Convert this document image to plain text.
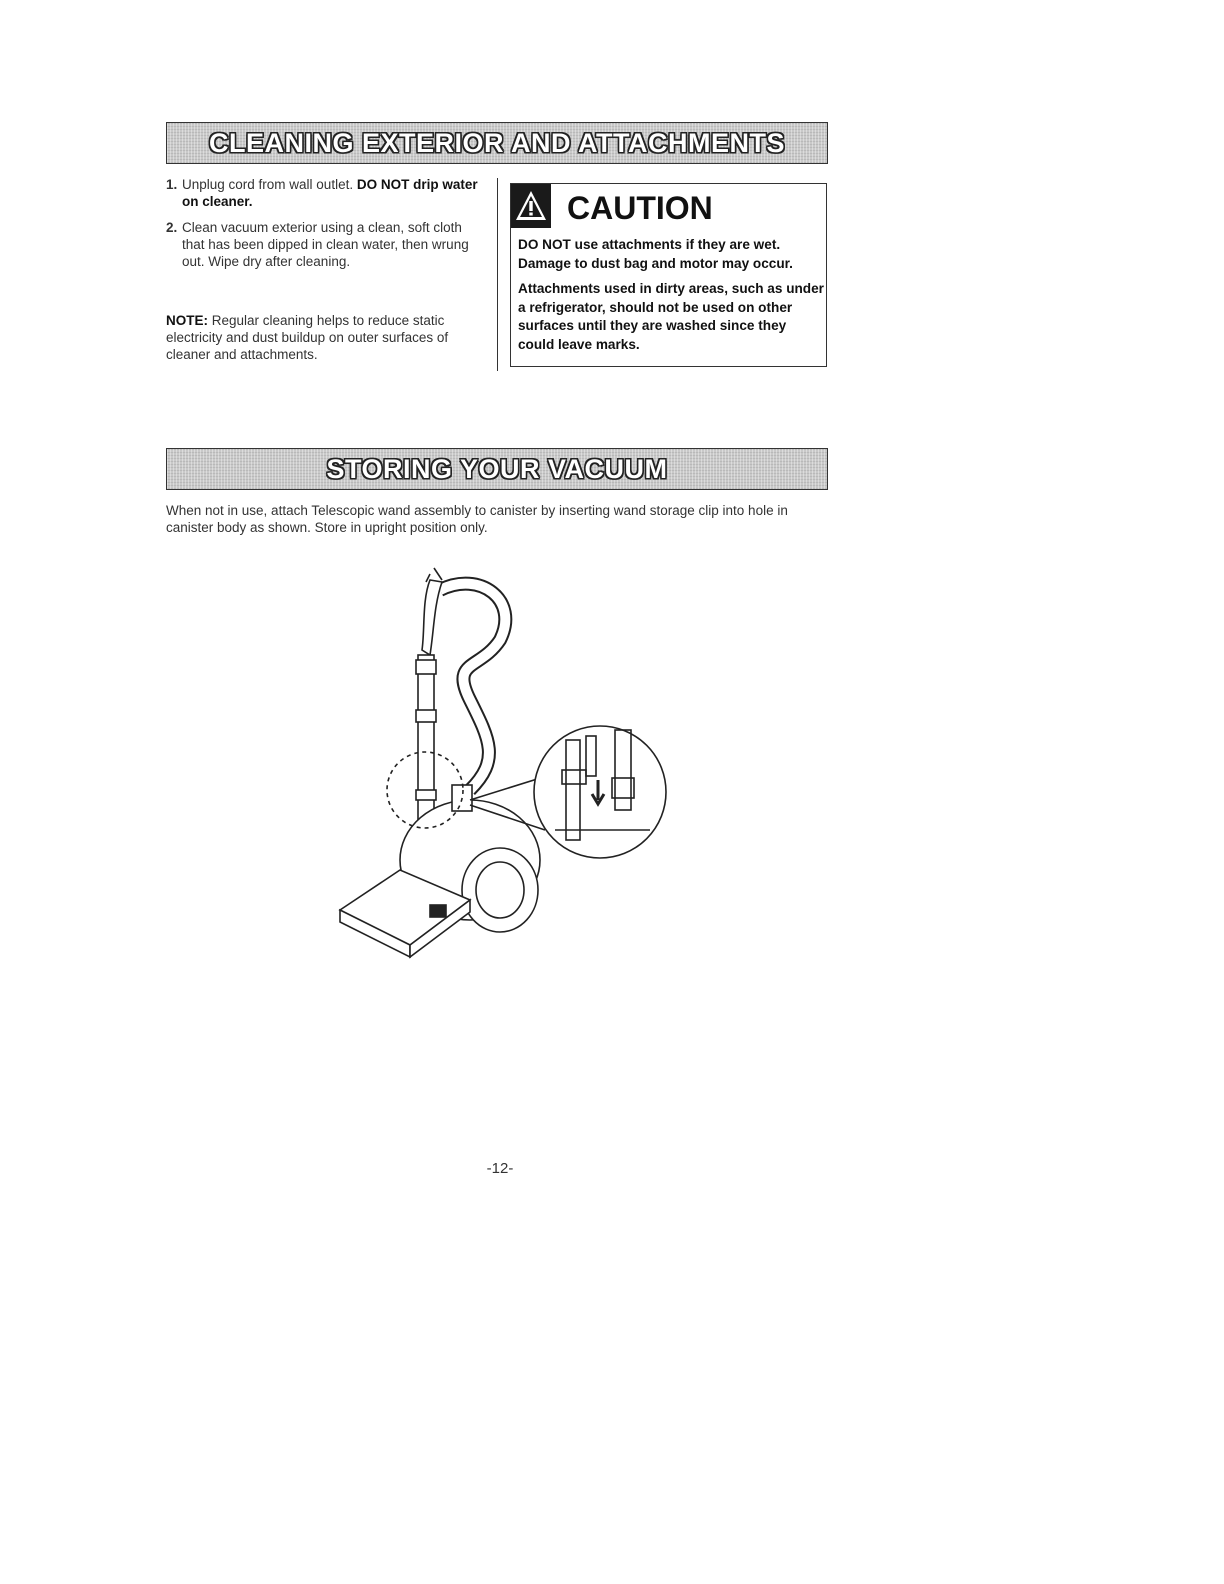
CLEANING EXTERIOR AND ATTACHMENTS
1. Unplug cord from wall outlet. DO NOT drip water on cleaner.
2. Clean vacuum exterior using a clean, soft cloth that has been dipped in clean water, then wrung out. Wipe dry after cleaning.
NOTE: Regular cleaning helps to reduce static electricity and dust buildup on outer surfaces of cleaner and attachments.
CAUTION

DO NOT use attachments if they are wet. Damage to dust bag and motor may occur.

Attachments used in dirty areas, such as under a refrigerator, should not be used on other surfaces until they are washed since they could leave marks.

STORING YOUR VACUUM
When not in use, attach Telescopic wand assembly to canister by inserting wand storage clip into hole in canister body as shown. Store in upright position only.
-12-
